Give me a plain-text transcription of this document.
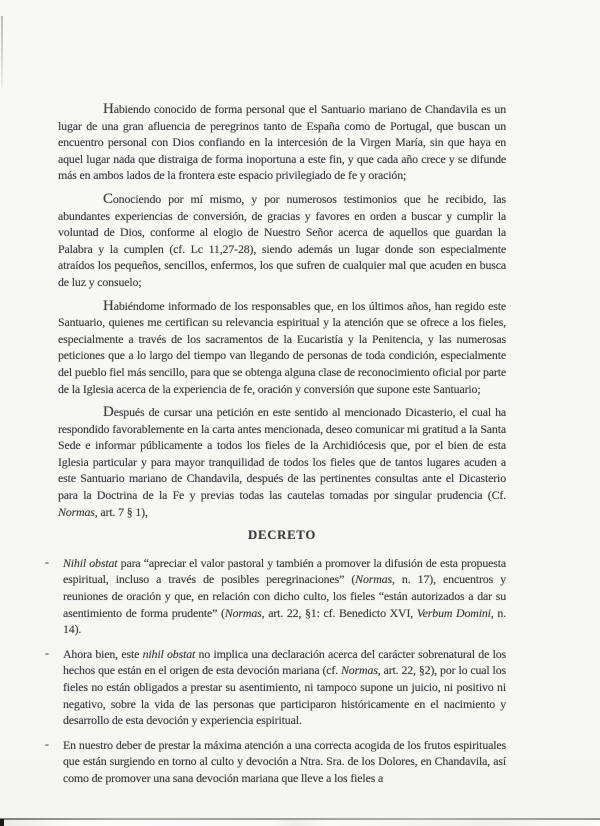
Habiendo conocido de forma personal que el Santuario mariano de Chandavila es un lugar de una gran afluencia de peregrinos tanto de España como de Portugal, que buscan un encuentro personal con Dios confiando en la intercesión de la Virgen María, sin que haya en aquel lugar nada que distraiga de forma inoportuna a este fin, y que cada año crece y se difunde más en ambos lados de la frontera este espacio privilegiado de fe y oración;

Conociendo por mí mismo, y por numerosos testimonios que he recibido, las abundantes experiencias de conversión, de gracias y favores en orden a buscar y cumplir la voluntad de Dios, conforme al elogio de Nuestro Señor acerca de aquellos que guardan la Palabra y la cumplen (cf. Lc 11,27-28), siendo además un lugar donde son especialmente atraídos los pequeños, sencillos, enfermos, los que sufren de cualquier mal que acuden en busca de luz y consuelo;

Habiéndome informado de los responsables que, en los últimos años, han regido este Santuario, quienes me certifican su relevancia espiritual y la atención que se ofrece a los fieles, especialmente a través de los sacramentos de la Eucaristía y la Penitencia, y las numerosas peticiones que a lo largo del tiempo van llegando de personas de toda condición, especialmente del pueblo fiel más sencillo, para que se obtenga alguna clase de reconocimiento oficial por parte de la Iglesia acerca de la experiencia de fe, oración y conversión que supone este Santuario;

Después de cursar una petición en este sentido al mencionado Dicasterio, el cual ha respondido favorablemente en la carta antes mencionada, deseo comunicar mi gratitud a la Santa Sede e informar públicamente a todos los fieles de la Archidiócesis que, por el bien de esta Iglesia particular y para mayor tranquilidad de todos los fieles que de tantos lugares acuden a este Santuario mariano de Chandavila, después de las pertinentes consultas ante el Dicasterio para la Doctrina de la Fe y previas todas las cautelas tomadas por singular prudencia (Cf. Normas, art. 7 § 1),

DECRETO

- Nihil obstat para “apreciar el valor pastoral y también a promover la difusión de esta propuesta espiritual, incluso a través de posibles peregrinaciones” (Normas, n. 17), encuentros y reuniones de oración y que, en relación con dicho culto, los fieles “están autorizados a dar su asentimiento de forma prudente” (Normas, art. 22, §1: cf. Benedicto XVI, Verbum Domini, n. 14).

- Ahora bien, este nihil obstat no implica una declaración acerca del carácter sobrenatural de los hechos que están en el origen de esta devoción mariana (cf. Normas, art. 22, §2), por lo cual los fieles no están obligados a prestar su asentimiento, ni tampoco supone un juicio, ni positivo ni negativo, sobre la vida de las personas que participaron históricamente en el nacimiento y desarrollo de esta devoción y experiencia espiritual.

- En nuestro deber de prestar la máxima atención a una correcta acogida de los frutos espirituales que están surgiendo en torno al culto y devoción a Ntra. Sra. de los Dolores, en Chandavila, así como de promover una sana devoción mariana que lleve a los fieles a
